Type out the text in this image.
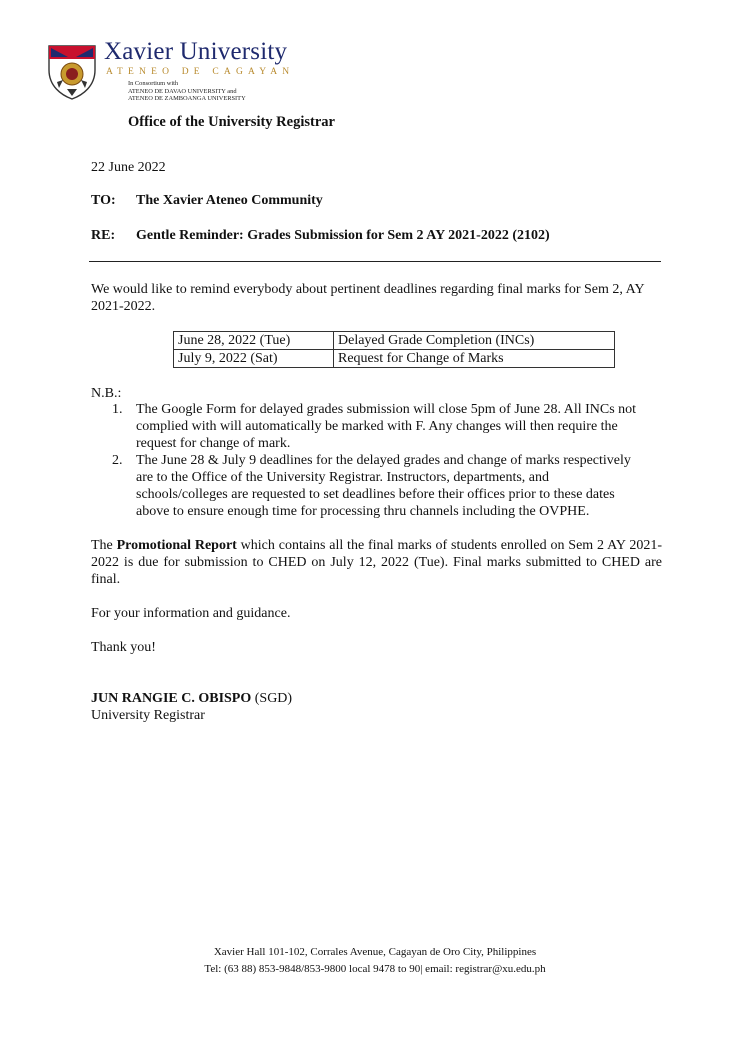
Xavier University
ATENEO DE CAGAYAN
In Consortium with
ATENEO DE DAVAO UNIVERSITY and
ATENEO DE ZAMBOANGA UNIVERSITY
Office of the University Registrar
22 June 2022
TO: The Xavier Ateneo Community
RE: Gentle Reminder: Grades Submission for Sem 2 AY 2021-2022 (2102)
We would like to remind everybody about pertinent deadlines regarding final marks for Sem 2, AY 2021-2022.
June 28, 2022 (Tue)	Delayed Grade Completion (INCs)
July 9, 2022 (Sat)	Request for Change of Marks
N.B.:
1. The Google Form for delayed grades submission will close 5pm of June 28. All INCs not
complied with will automatically be marked with F. Any changes will then require the
request for change of mark.
2. The June 28 & July 9 deadlines for the delayed grades and change of marks respectively
are to the Office of the University Registrar. Instructors, departments, and
schools/colleges are requested to set deadlines before their offices prior to these dates
above to ensure enough time for processing thru channels including the OVPHE.
The Promotional Report which contains all the final marks of students enrolled on Sem 2 AY 2021-2022 is due for submission to CHED on July 12, 2022 (Tue). Final marks submitted to CHED are final.
For your information and guidance.
Thank you!
JUN RANGIE C. OBISPO (SGD)
University Registrar
Xavier Hall 101-102, Corrales Avenue, Cagayan de Oro City, Philippines
Tel: (63 88) 853-9848/853-9800 local 9478 to 90| email: registrar@xu.edu.ph
